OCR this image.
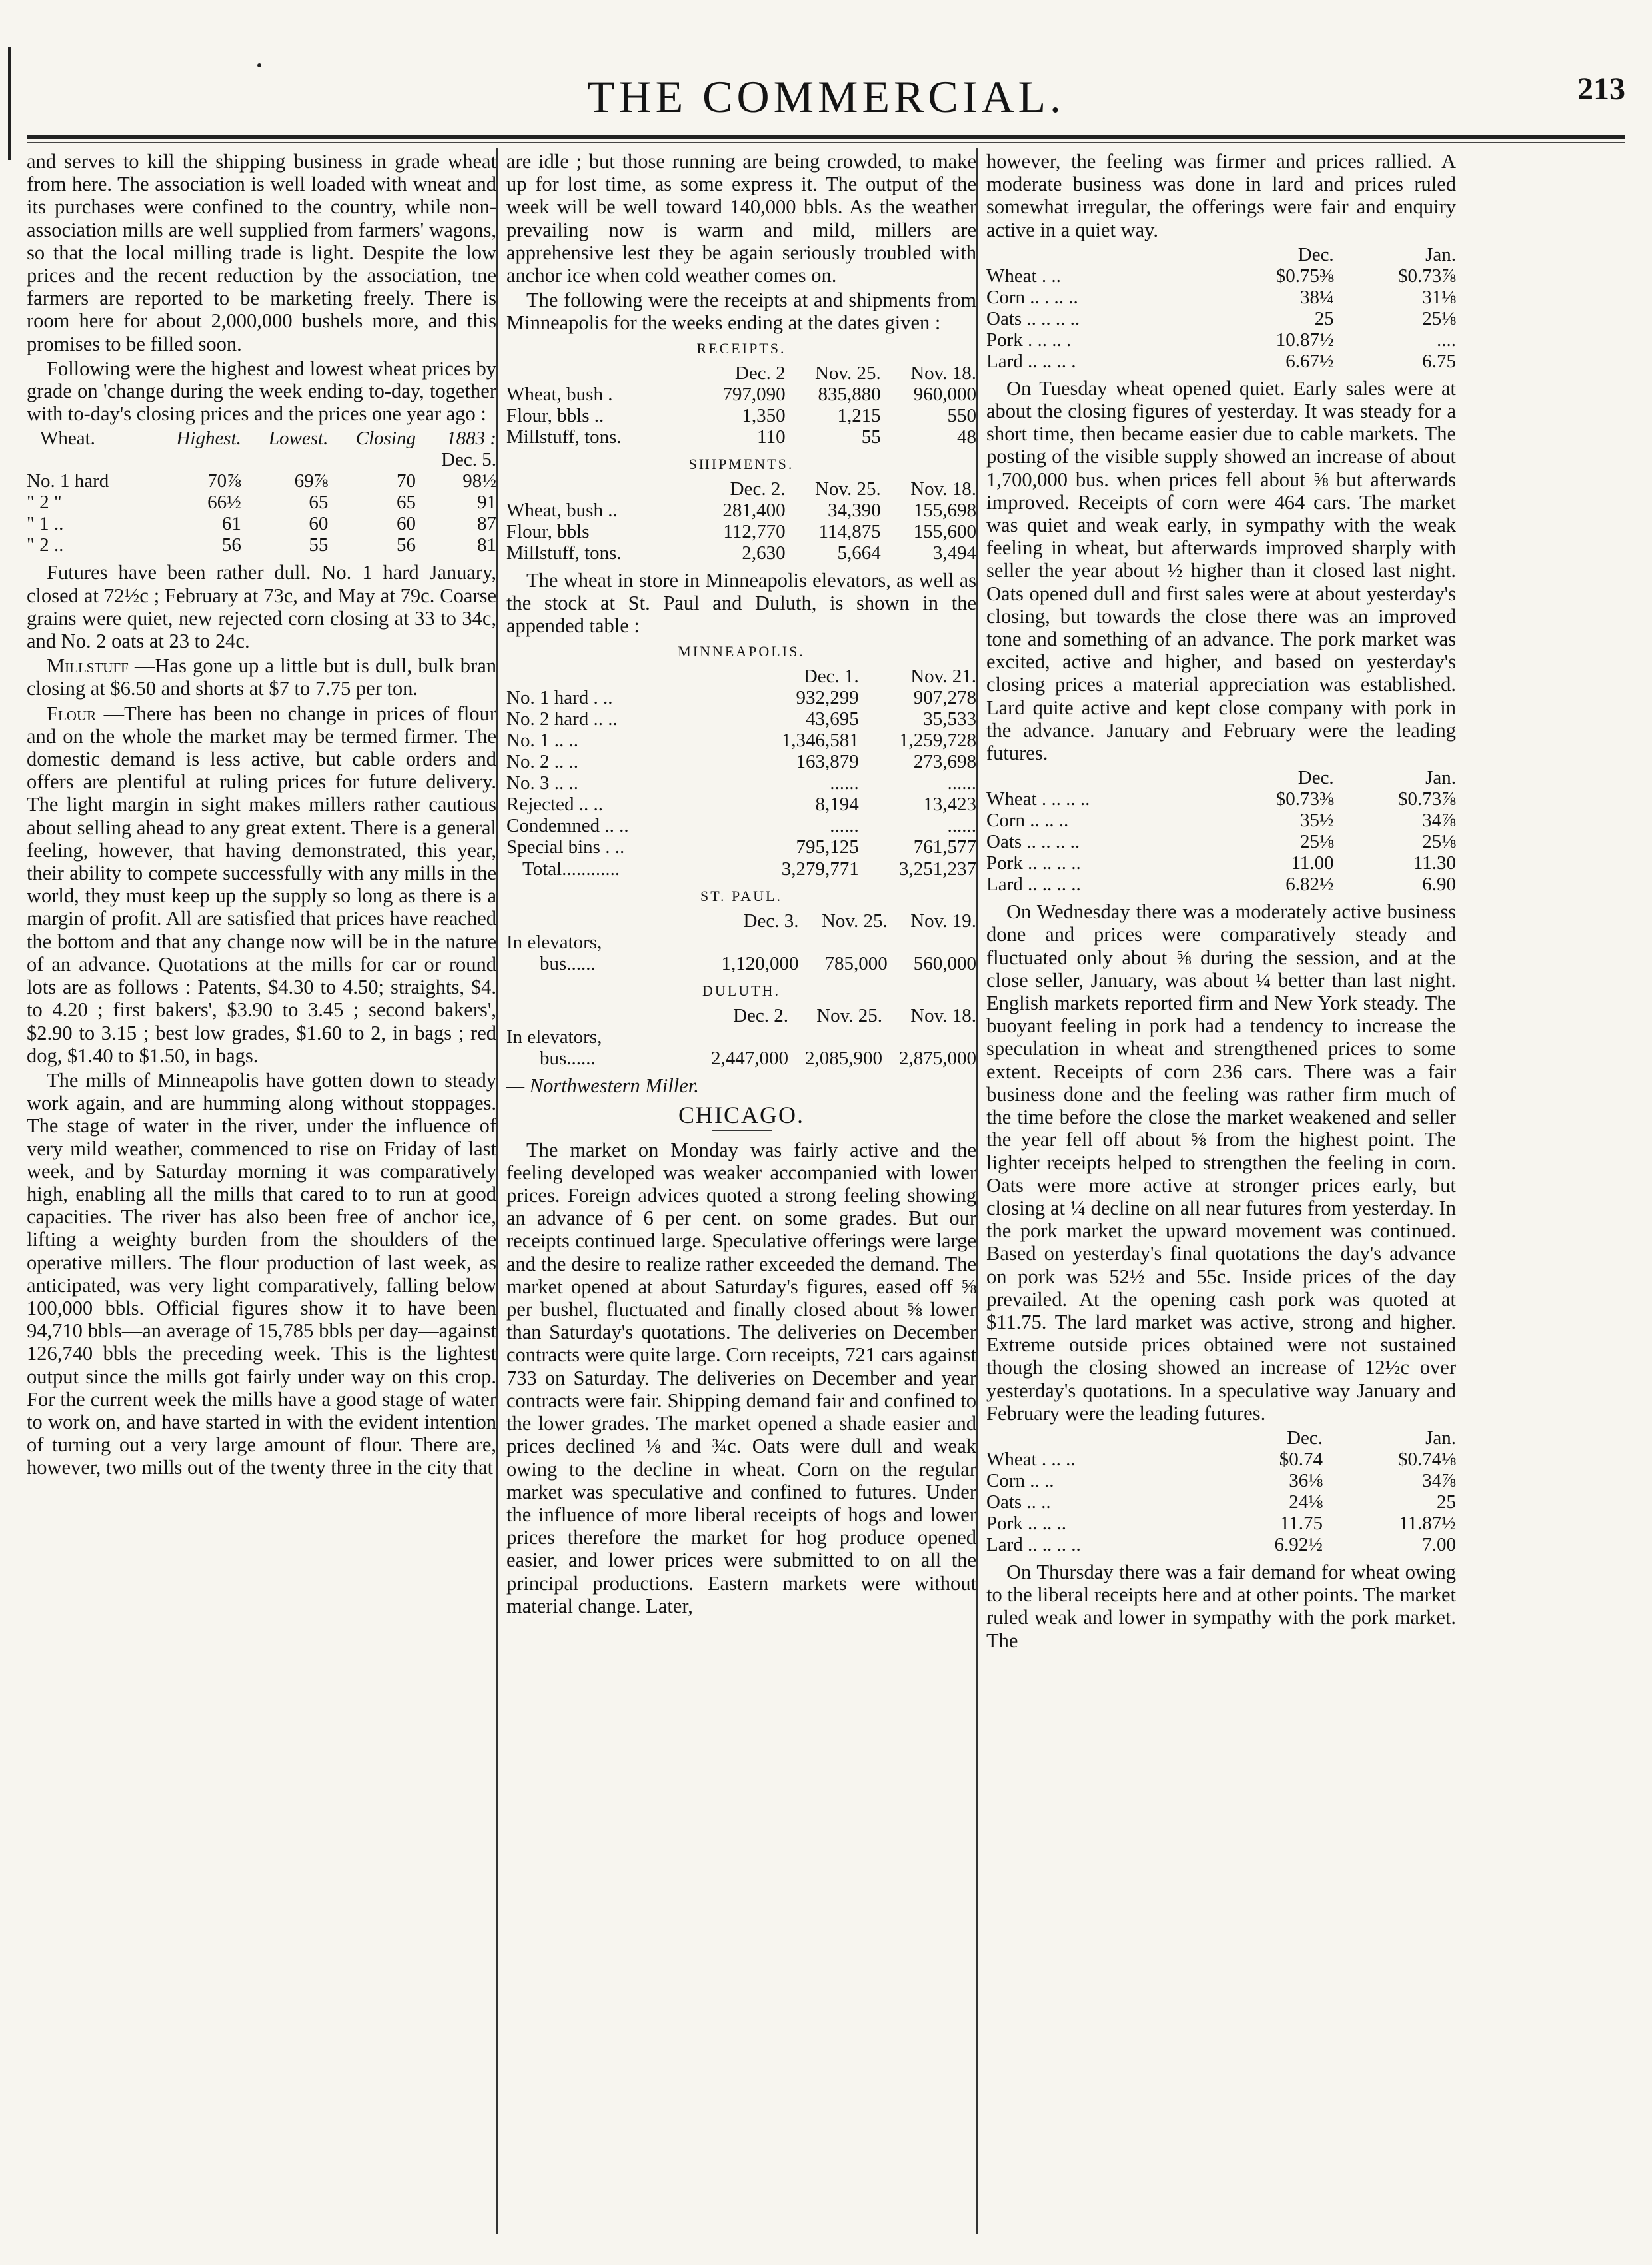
THE COMMERCIAL.	213

and serves to kill the shipping business in grade wheat from here. The association is well loaded with wneat and its purchases were confined to the country, while non-association mills are well supplied from farmers' wagons, so that the local milling trade is light. Despite the low prices and the recent reduction by the association, tne farmers are reported to be marketing freely. There is room here for about 2,000,000 bushels more, and this promises to be filled soon.

Following were the highest and lowest wheat prices by grade on 'change during the week ending to-day, together with to-day's closing prices and the prices one year ago :

Wheat.	Highest.	Lowest.	Closing	1883 :
				Dec. 5.
No. 1 hard	70⅞	69⅞	70	98½
" 2 "	66½	65	65	91
" 1 ..	61	60	60	87
" 2 ..	56	55	56	81

Futures have been rather dull. No. 1 hard January, closed at 72½c ; February at 73c, and May at 79c. Coarse grains were quiet, new rejected corn closing at 33 to 34c, and No. 2 oats at 23 to 24c.

Millstuff —Has gone up a little but is dull, bulk bran closing at $6.50 and shorts at $7 to 7.75 per ton.

Flour —There has been no change in prices of flour and on the whole the market may be termed firmer. The domestic demand is less active, but cable orders and offers are plentiful at ruling prices for future delivery. The light margin in sight makes millers rather cautious about selling ahead to any great extent. There is a general feeling, however, that having demonstrated, this year, their ability to compete successfully with any mills in the world, they must keep up the supply so long as there is a margin of profit. All are satisfied that prices have reached the bottom and that any change now will be in the nature of an advance. Quotations at the mills for car or round lots are as follows : Patents, $4.30 to 4.50; straights, $4. to 4.20 ; first bakers', $3.90 to 3.45 ; second bakers', $2.90 to 3.15 ; best low grades, $1.60 to 2, in bags ; red dog, $1.40 to $1.50, in bags.

The mills of Minneapolis have gotten down to steady work again, and are humming along without stoppages. The stage of water in the river, under the influence of very mild weather, commenced to rise on Friday of last week, and by Saturday morning it was comparatively high, enabling all the mills that cared to to run at good capacities. The river has also been free of anchor ice, lifting a weighty burden from the shoulders of the operative millers. The flour production of last week, as anticipated, was very light comparatively, falling below 100,000 bbls. Official figures show it to have been 94,710 bbls—an average of 15,785 bbls per day—against 126,740 bbls the preceding week. This is the lightest output since the mills got fairly under way on this crop. For the current week the mills have a good stage of water to work on, and have started in with the evident intention of turning out a very large amount of flour. There are, however, two mills out of the twenty three in the city that

are idle ; but those running are being crowded, to make up for lost time, as some express it. The output of the week will be well toward 140,000 bbls. As the weather prevailing now is warm and mild, millers are apprehensive lest they be again seriously troubled with anchor ice when cold weather comes on.

The following were the receipts at and shipments from Minneapolis for the weeks ending at the dates given :

RECEIPTS.
	Dec. 2	Nov. 25.	Nov. 18.
Wheat, bush .	797,090	835,880	960,000
Flour, bbls ..	1,350	1,215	550
Millstuff, tons.	110	55	48
SHIPMENTS.
	Dec. 2.	Nov. 25.	Nov. 18.
Wheat, bush ..	281,400	34,390	155,698
Flour, bbls	112,770	114,875	155,600
Millstuff, tons.	2,630	5,664	3,494

The wheat in store in Minneapolis elevators, as well as the stock at St. Paul and Duluth, is shown in the appended table :

MINNEAPOLIS.
	Dec. 1.	Nov. 21.
No. 1 hard . ..	932,299	907,278
No. 2 hard .. ..	43,695	35,533
No. 1 .. ..	1,346,581	1,259,728
No. 2 .. ..	163,879	273,698
No. 3 .. ..	......	......
Rejected .. ..	8,194	13,423
Condemned .. ..	......	......
Special bins . ..	795,125	761,577
Total............	3,279,771	3,251,237
ST. PAUL.
	Dec. 3.	Nov. 25.	Nov. 19.
In elevators,			
bus......	1,120,000	785,000	560,000
DULUTH.
	Dec. 2.	Nov. 25.	Nov. 18.
In elevators,			
bus......	2,447,000	2,085,900	2,875,000

— Northwestern Miller.

CHICAGO.

The market on Monday was fairly active and the feeling developed was weaker accompanied with lower prices. Foreign advices quoted a strong feeling showing an advance of 6 per cent. on some grades. But our receipts continued large. Speculative offerings were large and the desire to realize rather exceeded the demand. The market opened at about Saturday's figures, eased off ⅝ per bushel, fluctuated and finally closed about ⅝ lower than Saturday's quotations. The deliveries on December contracts were quite large. Corn receipts, 721 cars against 733 on Saturday. The deliveries on December and year contracts were fair. Shipping demand fair and confined to the lower grades. The market opened a shade easier and prices declined ⅛ and ¾c. Oats were dull and weak owing to the decline in wheat. Corn on the regular market was speculative and confined to futures. Under the influence of more liberal receipts of hogs and lower prices therefore the market for hog produce opened easier, and lower prices were submitted to on all the principal productions. Eastern markets were without material change. Later,

however, the feeling was firmer and prices rallied. A moderate business was done in lard and prices ruled somewhat irregular, the offerings were fair and enquiry active in a quiet way.

	Dec.	Jan.
Wheat . ..	$0.75⅜	$0.73⅞
Corn .. . .. ..	38¼	31⅛
Oats .. .. .. ..	25	25⅛
Pork . .. .. .	10.87½	....
Lard .. .. .. .	6.67½	6.75

On Tuesday wheat opened quiet. Early sales were at about the closing figures of yesterday. It was steady for a short time, then became easier due to cable markets. The posting of the visible supply showed an increase of about 1,700,000 bus. when prices fell about ⅝ but afterwards improved. Receipts of corn were 464 cars. The market was quiet and weak early, in sympathy with the weak feeling in wheat, but afterwards improved sharply with seller the year about ½ higher than it closed last night. Oats opened dull and first sales were at about yesterday's closing, but towards the close there was an improved tone and something of an advance. The pork market was excited, active and higher, and based on yesterday's closing prices a material appreciation was established. Lard quite active and kept close company with pork in the advance. January and February were the leading futures.

	Dec.	Jan.
Wheat . .. .. ..	$0.73⅜	$0.73⅞
Corn .. .. ..	35½	34⅞
Oats .. .. .. ..	25⅛	25⅛
Pork .. .. .. ..	11.00	11.30
Lard .. .. .. ..	6.82½	6.90

On Wednesday there was a moderately active business done and prices were comparatively steady and fluctuated only about ⅝ during the session, and at the close seller, January, was about ¼ better than last night. English markets reported firm and New York steady. The buoyant feeling in pork had a tendency to increase the speculation in wheat and strengthened prices to some extent. Receipts of corn 236 cars. There was a fair business done and the feeling was rather firm much of the time before the close the market weakened and seller the year fell off about ⅝ from the highest point. The lighter receipts helped to strengthen the feeling in corn. Oats were more active at stronger prices early, but closing at ¼ decline on all near futures from yesterday. In the pork market the upward movement was continued. Based on yesterday's final quotations the day's advance on pork was 52½ and 55c. Inside prices of the day prevailed. At the opening cash pork was quoted at $11.75. The lard market was active, strong and higher. Extreme outside prices obtained were not sustained though the closing showed an increase of 12½c over yesterday's quotations. In a speculative way January and February were the leading futures.

	Dec.	Jan.
Wheat . .. ..	$0.74	$0.74⅛
Corn .. ..	36⅛	34⅞
Oats .. ..	24⅛	25
Pork .. .. ..	11.75	11.87½
Lard .. .. .. ..	6.92½	7.00

On Thursday there was a fair demand for wheat owing to the liberal receipts here and at other points. The market ruled weak and lower in sympathy with the pork market. The
